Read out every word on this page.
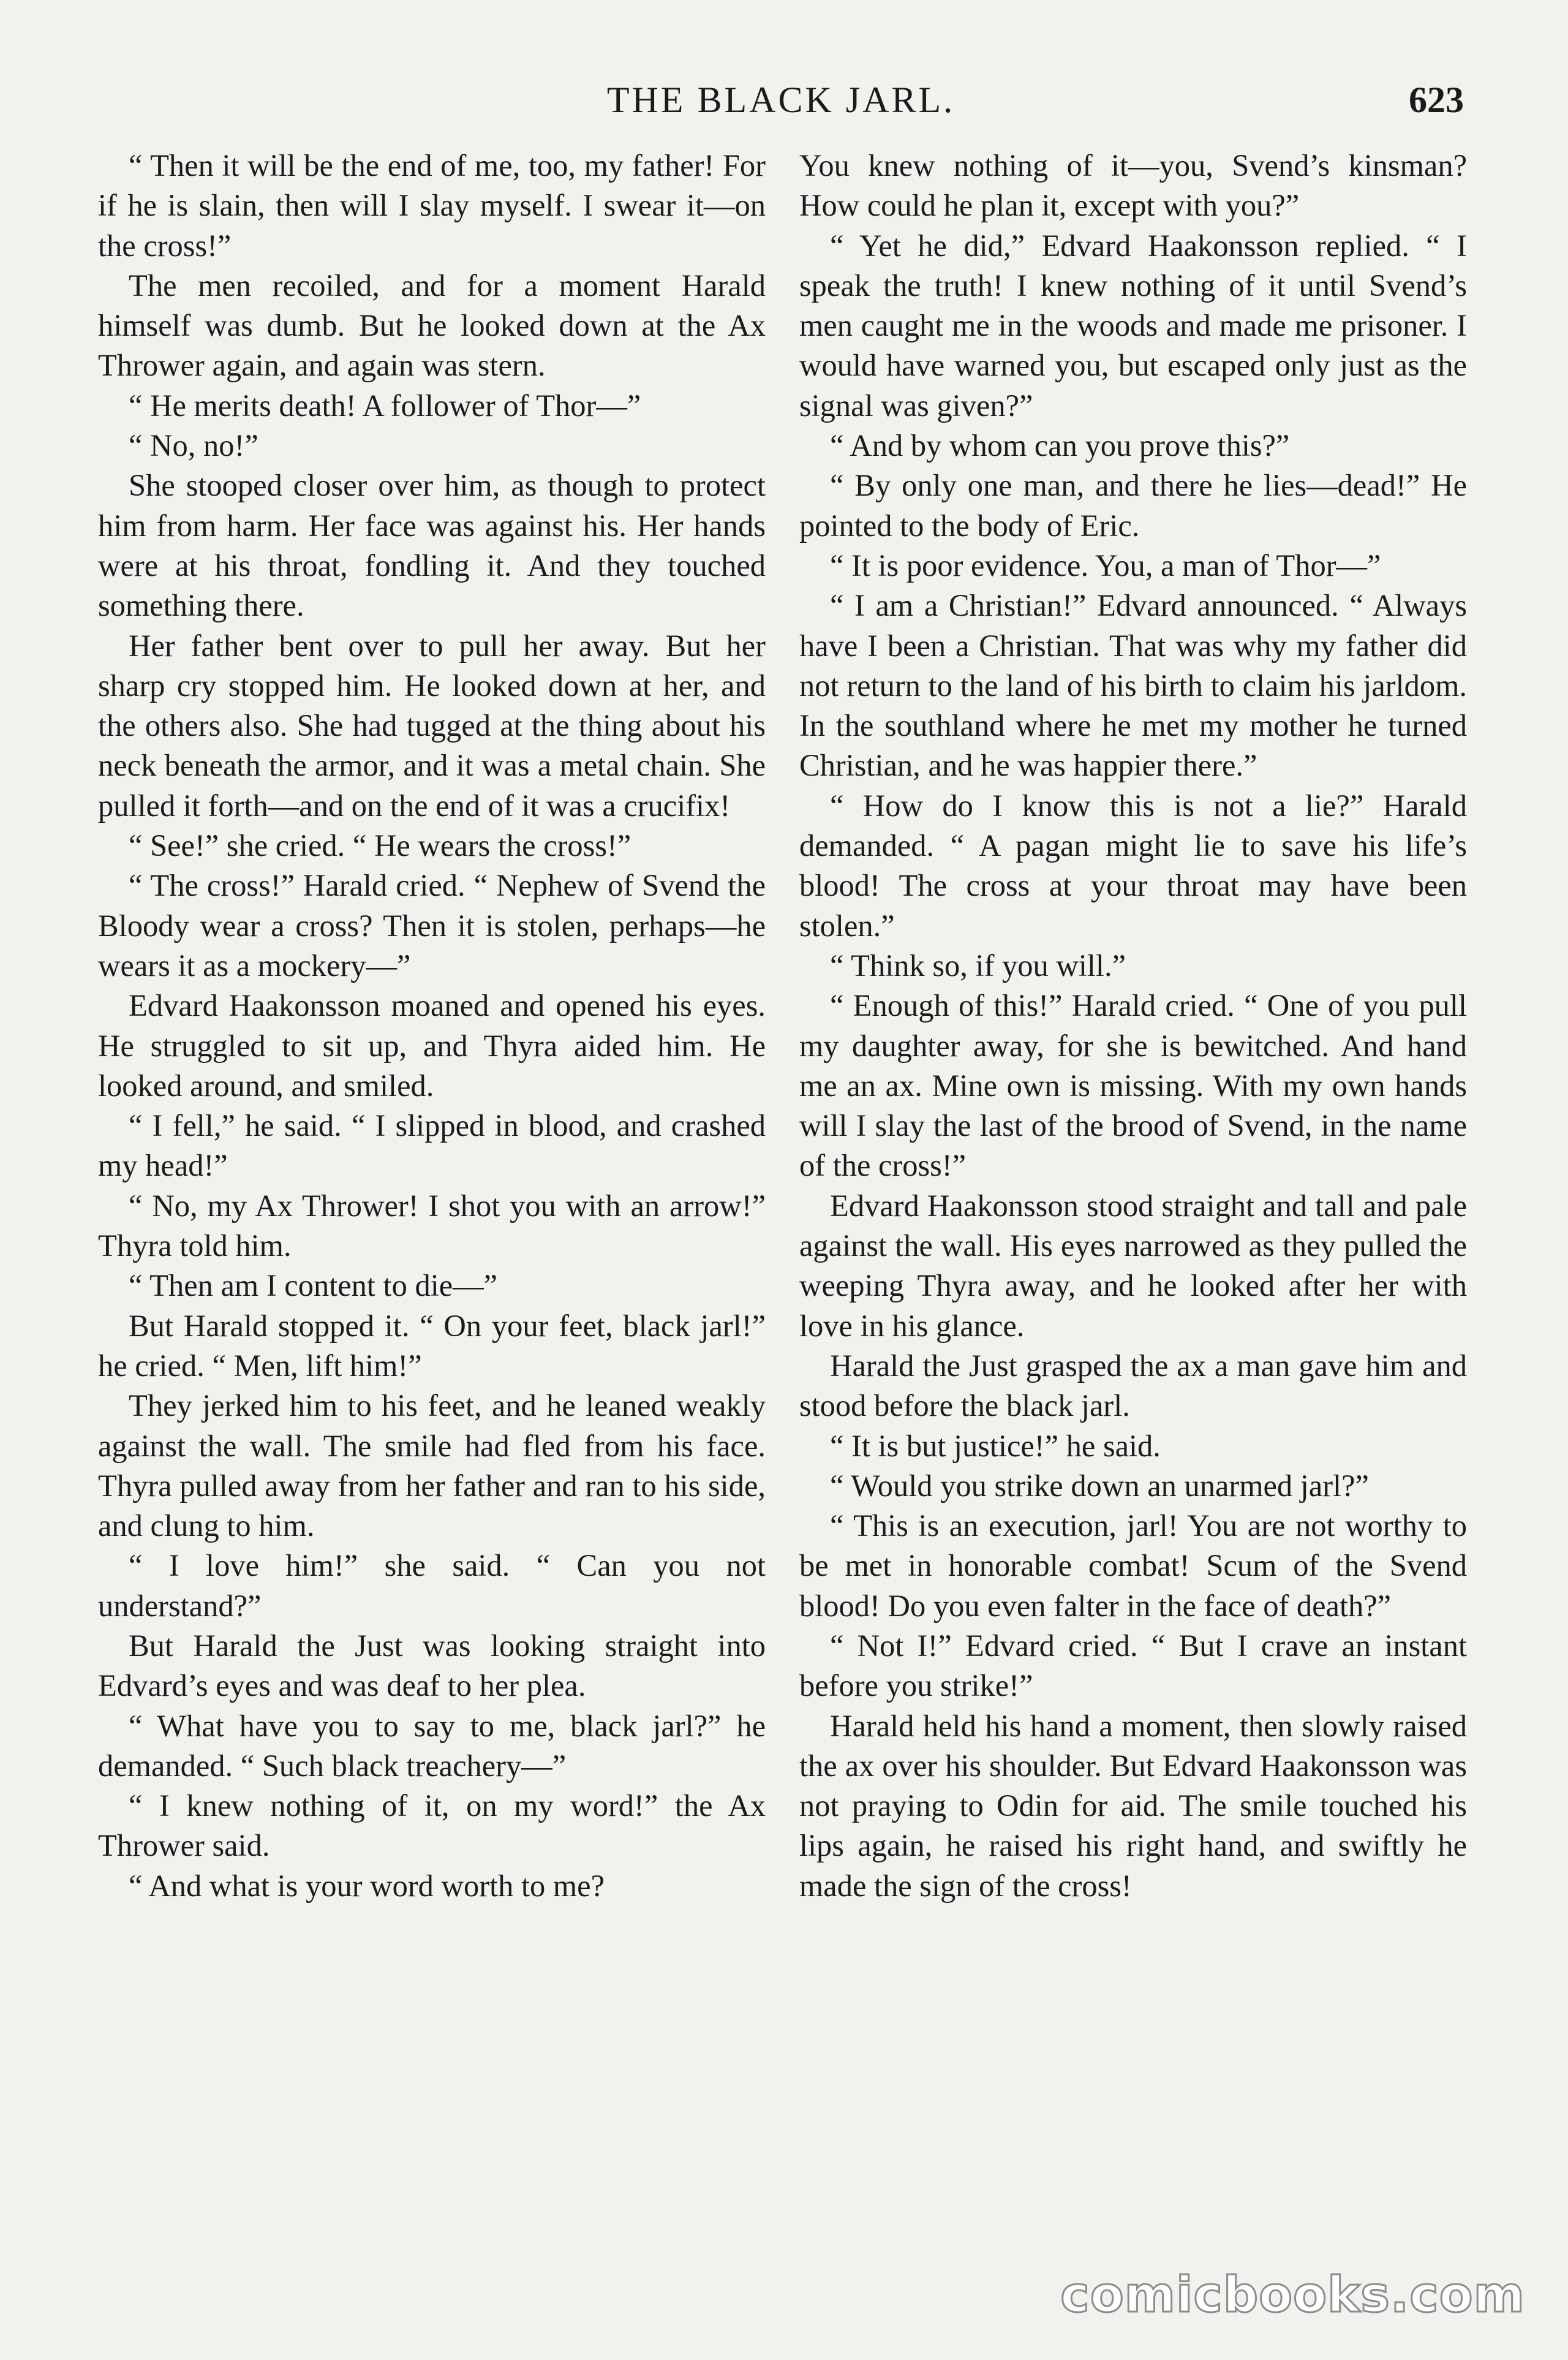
THE BLACK JARL.	623

“ Then it will be the end of me, too, my father! For if he is slain, then will I slay myself. I swear it—on the cross!”

The men recoiled, and for a moment Harald himself was dumb. But he looked down at the Ax Thrower again, and again was stern.

“ He merits death! A follower of Thor—”

“ No, no!”

She stooped closer over him, as though to protect him from harm. Her face was against his. Her hands were at his throat, fondling it. And they touched something there.

Her father bent over to pull her away. But her sharp cry stopped him. He looked down at her, and the others also. She had tugged at the thing about his neck beneath the armor, and it was a metal chain. She pulled it forth—and on the end of it was a crucifix!

“ See!” she cried. “ He wears the cross!”

“ The cross!” Harald cried. “ Nephew of Svend the Bloody wear a cross? Then it is stolen, perhaps—he wears it as a mockery—”

Edvard Haakonsson moaned and opened his eyes. He struggled to sit up, and Thyra aided him. He looked around, and smiled.

“ I fell,” he said. “ I slipped in blood, and crashed my head!”

“ No, my Ax Thrower! I shot you with an arrow!” Thyra told him.

“ Then am I content to die—”

But Harald stopped it. “ On your feet, black jarl!” he cried. “ Men, lift him!”

They jerked him to his feet, and he leaned weakly against the wall. The smile had fled from his face. Thyra pulled away from her father and ran to his side, and clung to him.

“ I love him!” she said. “ Can you not understand?”

But Harald the Just was looking straight into Edvard’s eyes and was deaf to her plea.

“ What have you to say to me, black jarl?” he demanded. “ Such black treachery—”

“ I knew nothing of it, on my word!” the Ax Thrower said.

“ And what is your word worth to me?

You knew nothing of it—you, Svend’s kinsman? How could he plan it, except with you?”

“ Yet he did,” Edvard Haakonsson replied. “ I speak the truth! I knew nothing of it until Svend’s men caught me in the woods and made me prisoner. I would have warned you, but escaped only just as the signal was given?”

“ And by whom can you prove this?”

“ By only one man, and there he lies—dead!” He pointed to the body of Eric.

“ It is poor evidence. You, a man of Thor—”

“ I am a Christian!” Edvard announced. “ Always have I been a Christian. That was why my father did not return to the land of his birth to claim his jarldom. In the southland where he met my mother he turned Christian, and he was happier there.”

“ How do I know this is not a lie?” Harald demanded. “ A pagan might lie to save his life’s blood! The cross at your throat may have been stolen.”

“ Think so, if you will.”

“ Enough of this!” Harald cried. “ One of you pull my daughter away, for she is bewitched. And hand me an ax. Mine own is missing. With my own hands will I slay the last of the brood of Svend, in the name of the cross!”

Edvard Haakonsson stood straight and tall and pale against the wall. His eyes narrowed as they pulled the weeping Thyra away, and he looked after her with love in his glance.

Harald the Just grasped the ax a man gave him and stood before the black jarl.

“ It is but justice!” he said.

“ Would you strike down an unarmed jarl?”

“ This is an execution, jarl! You are not worthy to be met in honorable combat! Scum of the Svend blood! Do you even falter in the face of death?”

“ Not I!” Edvard cried. “ But I crave an instant before you strike!”

Harald held his hand a moment, then slowly raised the ax over his shoulder. But Edvard Haakonsson was not praying to Odin for aid. The smile touched his lips again, he raised his right hand, and swiftly he made the sign of the cross!

comicbooks.com
